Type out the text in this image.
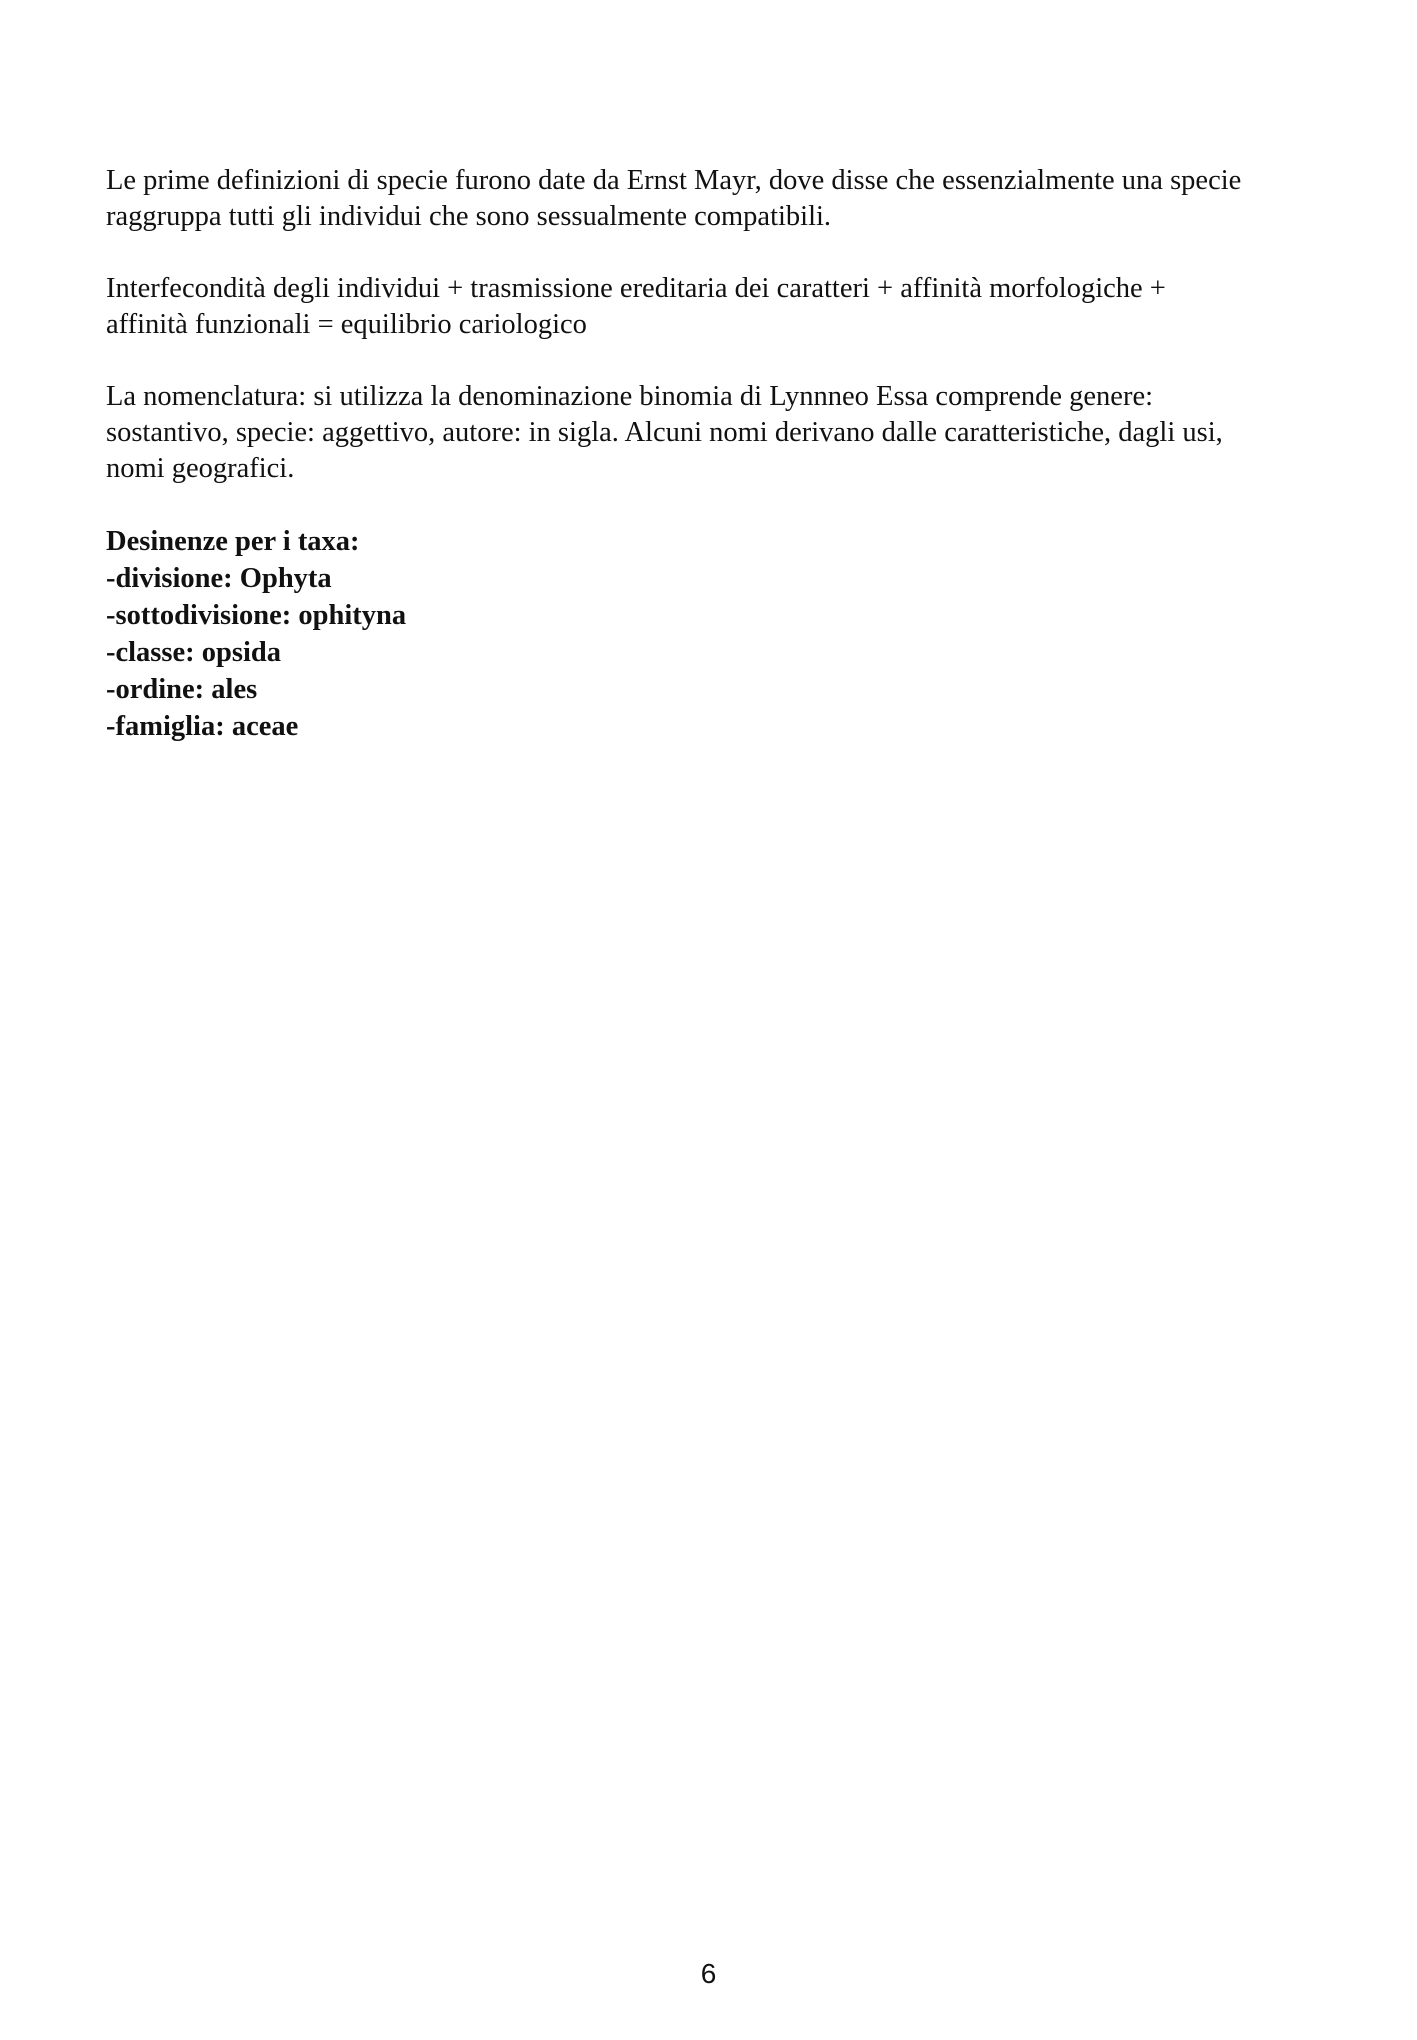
Le prime definizioni di specie furono date da Ernst Mayr, dove disse che essenzialmente una specie
raggruppa tutti gli individui che sono sessualmente compatibili.

Interfecondità degli individui + trasmissione ereditaria dei caratteri + affinità morfologiche +
affinità funzionali = equilibrio cariologico

La nomenclatura: si utilizza la denominazione binomia di Lynnneo Essa comprende genere:
sostantivo, specie: aggettivo, autore: in sigla. Alcuni nomi derivano dalle caratteristiche, dagli usi,
nomi geografici.

Desinenze per i taxa:
-divisione: Ophyta
-sottodivisione: ophityna
-classe: opsida
-ordine: ales
-famiglia: aceae
6
